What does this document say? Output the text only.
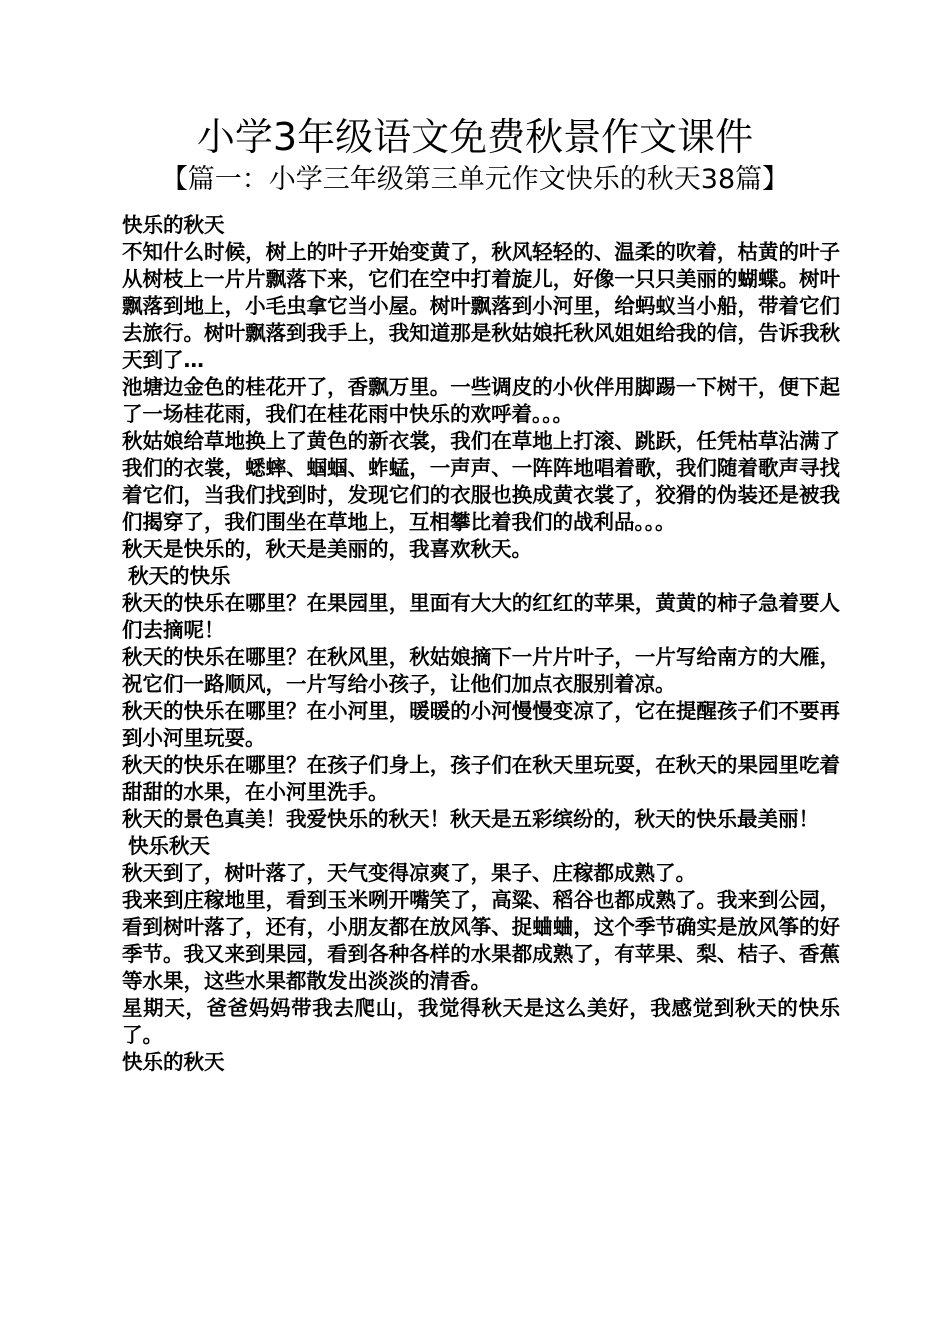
小学3年级语文免费秋景作文课件
【篇一：小学三年级第三单元作文快乐的秋天38篇】

快乐的秋天

不知什么时候，树上的叶子开始变黄了，秋风轻轻的、温柔的吹着，枯黄的叶子从树枝上一片片飘落下来，它们在空中打着旋儿，好像一只只美丽的蝴蝶。树叶飘落到地上，小毛虫拿它当小屋。树叶飘落到小河里，给蚂蚁当小船，带着它们去旅行。树叶飘落到我手上，我知道那是秋姑娘托秋风姐姐给我的信，告诉我秋天到了…

池塘边金色的桂花开了，香飘万里。一些调皮的小伙伴用脚踢一下树干，便下起了一场桂花雨，我们在桂花雨中快乐的欢呼着。。。

秋姑娘给草地换上了黄色的新衣裳，我们在草地上打滚、跳跃，任凭枯草沾满了我们的衣裳，蟋蟀、蝈蝈、蚱蜢，一声声、一阵阵地唱着歌，我们随着歌声寻找着它们，当我们找到时，发现它们的衣服也换成黄衣裳了，狡猾的伪装还是被我们揭穿了，我们围坐在草地上，互相攀比着我们的战利品。。。

秋天是快乐的，秋天是美丽的，我喜欢秋天。

秋天的快乐

秋天的快乐在哪里？在果园里，里面有大大的红红的苹果，黄黄的柿子急着要人们去摘呢！

秋天的快乐在哪里？在秋风里，秋姑娘摘下一片片叶子，一片写给南方的大雁，祝它们一路顺风，一片写给小孩子，让他们加点衣服别着凉。

秋天的快乐在哪里？在小河里，暖暖的小河慢慢变凉了，它在提醒孩子们不要再到小河里玩耍。

秋天的快乐在哪里？在孩子们身上，孩子们在秋天里玩耍，在秋天的果园里吃着甜甜的水果，在小河里洗手。

秋天的景色真美！我爱快乐的秋天！秋天是五彩缤纷的，秋天的快乐最美丽！

快乐秋天

秋天到了，树叶落了，天气变得凉爽了，果子、庄稼都成熟了。

我来到庄稼地里，看到玉米咧开嘴笑了，高粱、稻谷也都成熟了。我来到公园，看到树叶落了，还有，小朋友都在放风筝、捉蛐蛐，这个季节确实是放风筝的好季节。我又来到果园，看到各种各样的水果都成熟了，有苹果、梨、桔子、香蕉等水果，这些水果都散发出淡淡的清香。

星期天，爸爸妈妈带我去爬山，我觉得秋天是这么美好，我感觉到秋天的快乐了。

快乐的秋天
